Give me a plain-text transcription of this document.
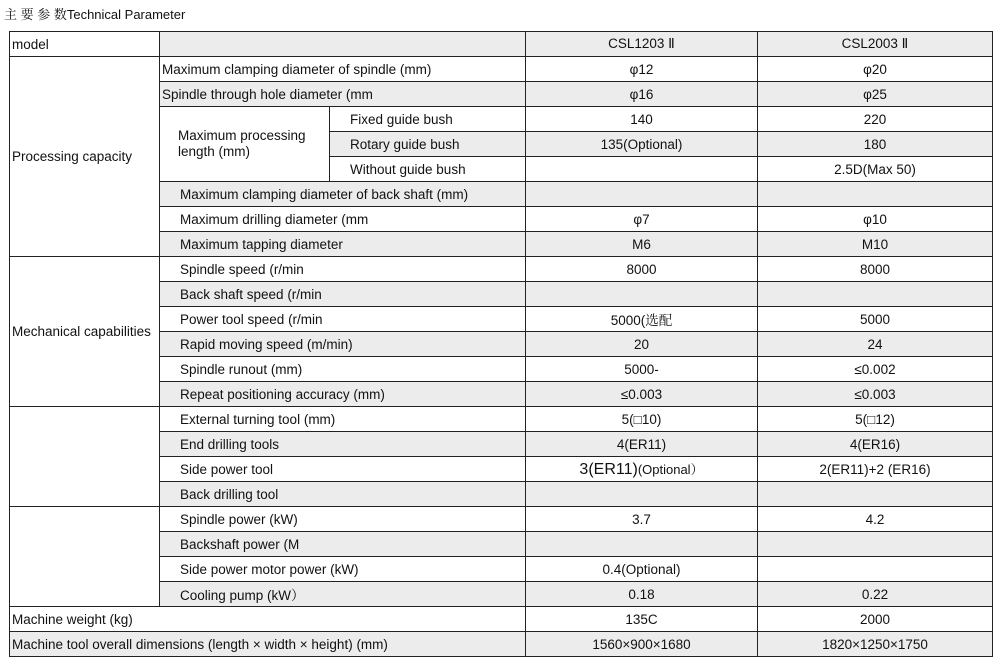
主 要 参 数Technical Parameter
model			CSL1203 Ⅱ	CSL2003 Ⅱ
Processing capacity	Maximum clamping diameter of spindle (mm)		φ12	φ20
	Spindle through hole diameter (mm		φ16	φ25
	Maximum processing length (mm)	Fixed guide bush	140	220
		Rotary guide bush	135(Optional)	180
		Without guide bush		2.5D(Max 50)
	Maximum clamping diameter of back shaft (mm)			
	Maximum drilling diameter (mm		φ7	φ10
	Maximum tapping diameter		M6	M10
Mechanical capabilities	Spindle speed (r/min		8000	8000
	Back shaft speed (r/min			
	Power tool speed (r/min		5000(选配	5000
	Rapid moving speed (m/min)		20	24
	Spindle runout (mm)		5000-	≤0.002
	Repeat positioning accuracy (mm)		≤0.003	≤0.003
	External turning tool (mm)		5(□10)	5(□12)
	End drilling tools		4(ER11)	4(ER16)
	Side power tool		3(ER11)(Optional）	2(ER11)+2 (ER16)
	Back drilling tool			
	Spindle power (kW)		3.7	4.2
	Backshaft power (M			
	Side power motor power (kW)		0.4(Optional)	
	Cooling pump (kW）		0.18	0.22
Machine weight (kg)			135C	2000
Machine tool overall dimensions (length × width × height) (mm)			1560×900×1680	1820×1250×1750
